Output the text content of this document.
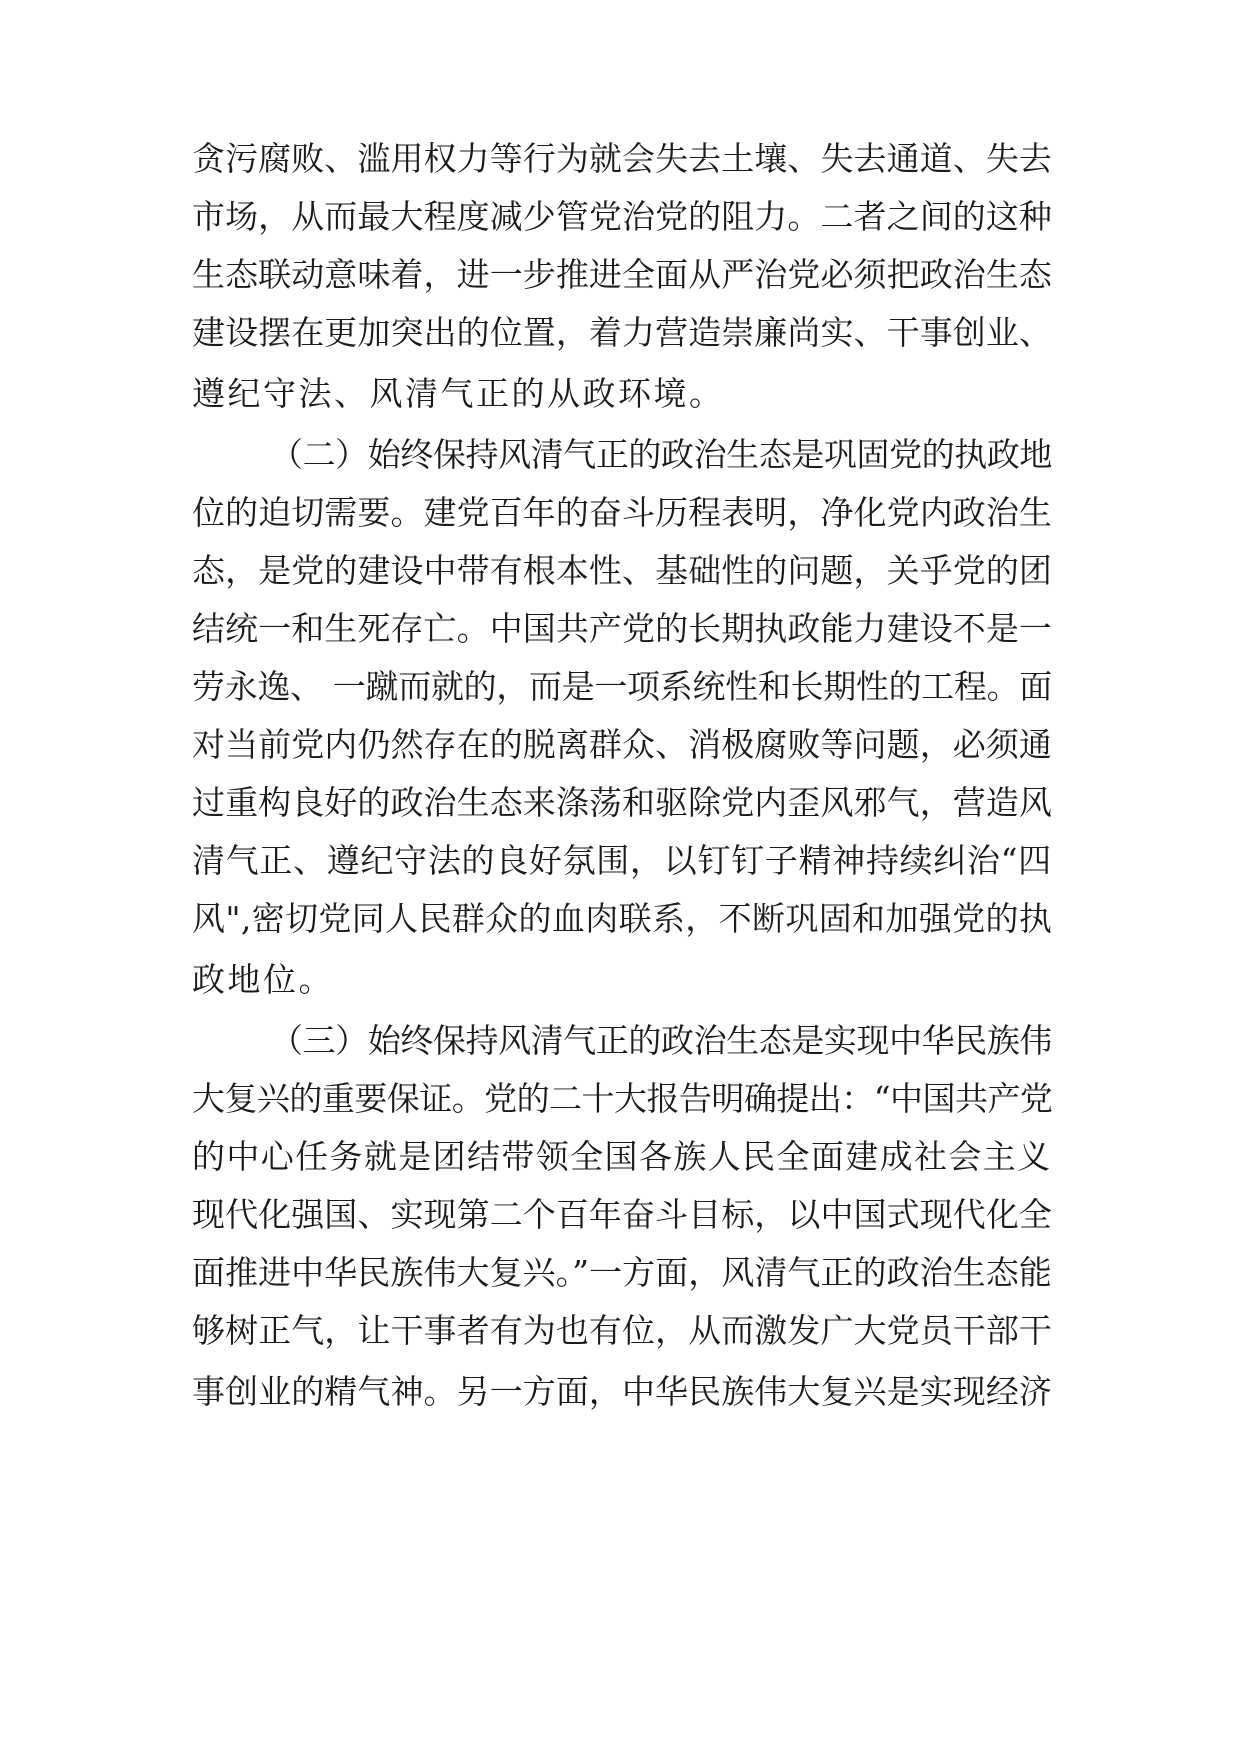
贪污腐败、滥用权力等行为就会失去土壤、失去通道、失去
市场，从而最大程度减少管党治党的阻力。二者之间的这种
生态联动意味着，进一步推进全面从严治党必须把政治生态
建设摆在更加突出的位置，着力营造崇廉尚实、干事创业、
遵纪守法、风清气正的从政环境。
（二）始终保持风清气正的政治生态是巩固党的执政地
位的迫切需要。建党百年的奋斗历程表明，净化党内政治生
态，是党的建设中带有根本性、基础性的问题，关乎党的团
结统一和生死存亡。中国共产党的长期执政能力建设不是一
劳永逸、 一蹴而就的，而是一项系统性和长期性的工程。面
对当前党内仍然存在的脱离群众、消极腐败等问题，必须通
过重构良好的政治生态来涤荡和驱除党内歪风邪气，营造风
清气正、遵纪守法的良好氛围，以钉钉子精神持续纠治“四
风",密切党同人民群众的血肉联系，不断巩固和加强党的执
政地位。
（三）始终保持风清气正的政治生态是实现中华民族伟
大复兴的重要保证。党的二十大报告明确提出：“中国共产党
的中心任务就是团结带领全国各族人民全面建成社会主义
现代化强国、实现第二个百年奋斗目标，以中国式现代化全
面推进中华民族伟大复兴。”一方面，风清气正的政治生态能
够树正气，让干事者有为也有位，从而激发广大党员干部干
事创业的精气神。另一方面，中华民族伟大复兴是实现经济
